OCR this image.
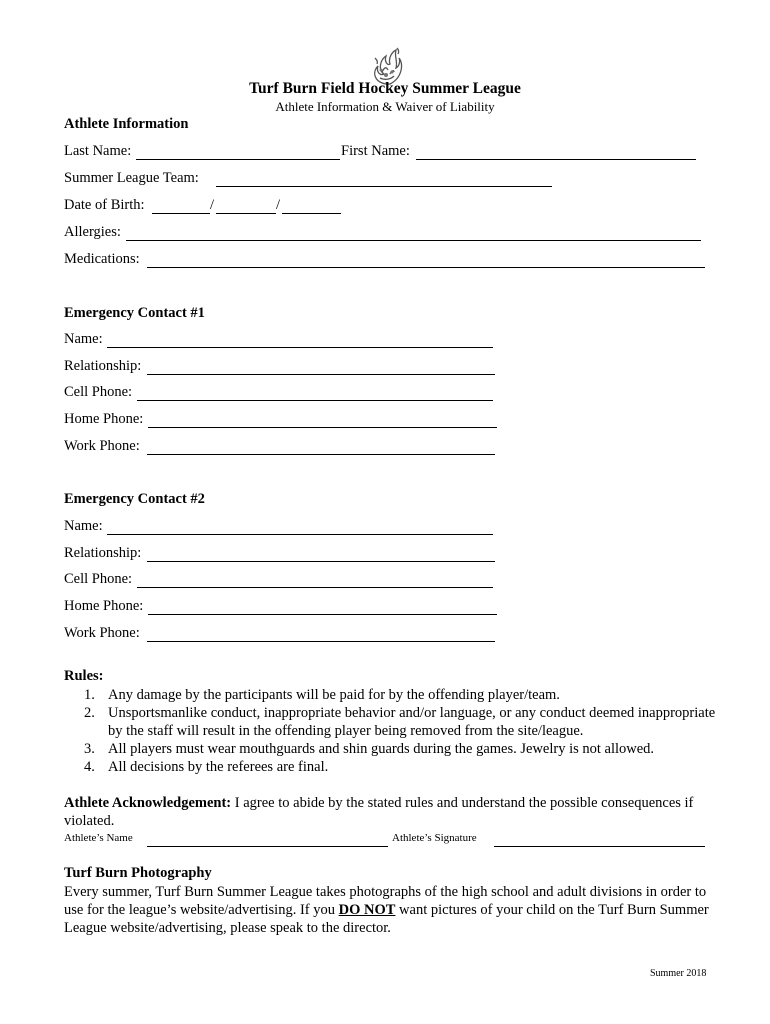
Turf Burn Field Hockey Summer League
Athlete Information & Waiver of Liability
Athlete Information
Last Name:	First Name:
Summer League Team:
Date of Birth:	/	/
Allergies:
Medications:
Emergency Contact #1
Name:
Relationship:
Cell Phone:
Home Phone:
Work Phone:
Emergency Contact #2
Name:
Relationship:
Cell Phone:
Home Phone:
Work Phone:
Rules:
1. Any damage by the participants will be paid for by the offending player/team.
2. Unsportsmanlike conduct, inappropriate behavior and/or language, or any conduct deemed inappropriate by the staff will result in the offending player being removed from the site/league.
3. All players must wear mouthguards and shin guards during the games. Jewelry is not allowed.
4. All decisions by the referees are final.
Athlete Acknowledgement: I agree to abide by the stated rules and understand the possible consequences if violated.
Athlete’s Name	Athlete’s Signature
Turf Burn Photography
Every summer, Turf Burn Summer League takes photographs of the high school and adult divisions in order to use for the league’s website/advertising. If you DO NOT want pictures of your child on the Turf Burn Summer League website/advertising, please speak to the director.
Summer 2018
